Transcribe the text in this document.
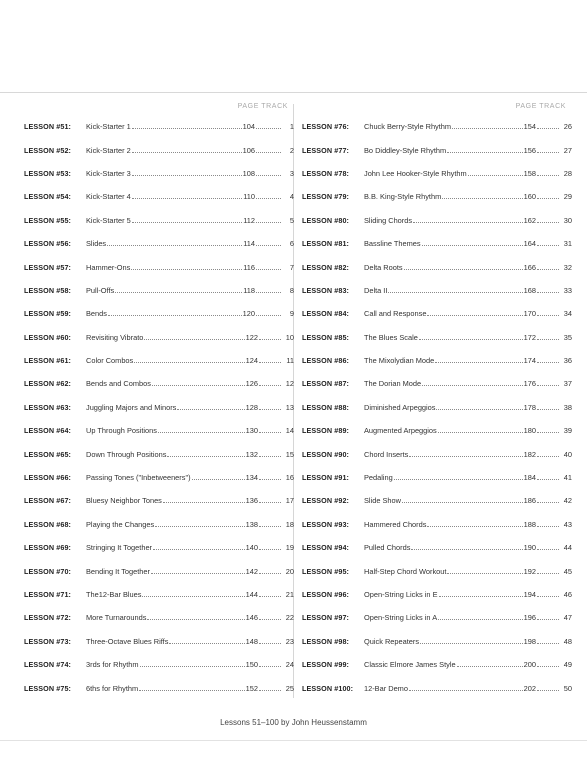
PAGE TRACK
LESSON #51:	Kick-Starter 1	104	1
LESSON #52:	Kick-Starter 2	106	2
LESSON #53:	Kick-Starter 3	108	3
LESSON #54:	Kick-Starter 4	110	4
LESSON #55:	Kick-Starter 5	112	5
LESSON #56:	Slides	114	6
LESSON #57:	Hammer-Ons	116	7
LESSON #58:	Pull-Offs	118	8
LESSON #59:	Bends	120	9
LESSON #60:	Revisiting Vibrato	122	10
LESSON #61:	Color Combos	124	11
LESSON #62:	Bends and Combos	126	12
LESSON #63:	Juggling Majors and Minors	128	13
LESSON #64:	Up Through Positions	130	14
LESSON #65:	Down Through Positions	132	15
LESSON #66:	Passing Tones ("Inbetweeners")	134	16
LESSON #67:	Bluesy Neighbor Tones	136	17
LESSON #68:	Playing the Changes	138	18
LESSON #69:	Stringing It Together	140	19
LESSON #70:	Bending It Together	142	20
LESSON #71:	The12-Bar Blues	144	21
LESSON #72:	More Turnarounds	146	22
LESSON #73:	Three-Octave Blues Riffs	148	23
LESSON #74:	3rds for Rhythm	150	24
LESSON #75:	6ths for Rhythm	152	25
PAGE TRACK
LESSON #76:	Chuck Berry-Style Rhythm	154	26
LESSON #77:	Bo Diddley-Style Rhythm	156	27
LESSON #78:	John Lee Hooker-Style Rhythm	158	28
LESSON #79:	B.B. King-Style Rhythm	160	29
LESSON #80:	Sliding Chords	162	30
LESSON #81:	Bassline Themes	164	31
LESSON #82:	Delta Roots	166	32
LESSON #83:	Delta II	168	33
LESSON #84:	Call and Response	170	34
LESSON #85:	The Blues Scale	172	35
LESSON #86:	The Mixolydian Mode	174	36
LESSON #87:	The Dorian Mode	176	37
LESSON #88:	Diminished Arpeggios	178	38
LESSON #89:	Augmented Arpeggios	180	39
LESSON #90:	Chord Inserts	182	40
LESSON #91:	Pedaling	184	41
LESSON #92:	Slide Show	186	42
LESSON #93:	Hammered Chords	188	43
LESSON #94:	Pulled Chords	190	44
LESSON #95:	Half-Step Chord Workout	192	45
LESSON #96:	Open-String Licks in E	194	46
LESSON #97:	Open-String Licks in A	196	47
LESSON #98:	Quick Repeaters	198	48
LESSON #99:	Classic Elmore James Style	200	49
LESSON #100:	12-Bar Demo	202	50
Lessons 51–100 by John Heussenstamm
